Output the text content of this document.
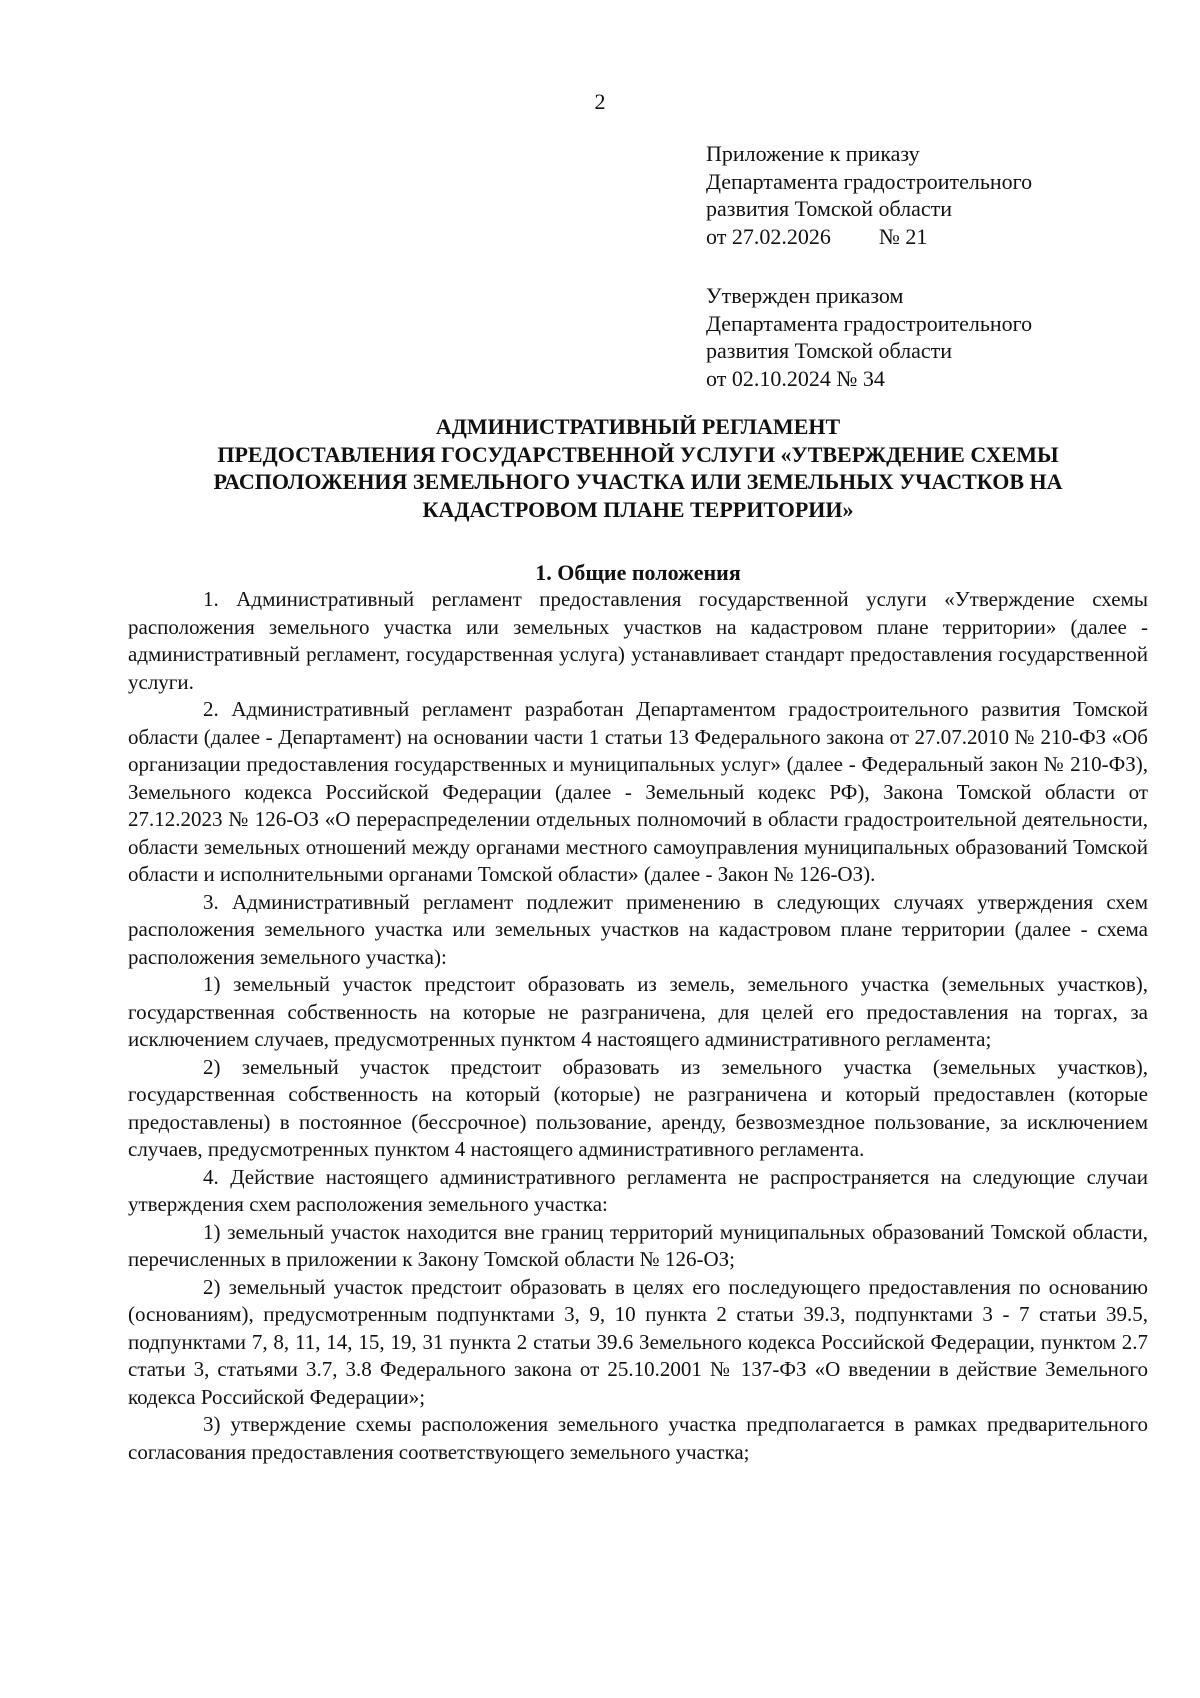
2
Приложение к приказу
Департамента градостроительного
развития Томской области
от 27.02.2026 № 21
Утвержден приказом
Департамента градостроительного
развития Томской области
от 02.10.2024 № 34
АДМИНИСТРАТИВНЫЙ РЕГЛАМЕНТ
ПРЕДОСТАВЛЕНИЯ ГОСУДАРСТВЕННОЙ УСЛУГИ «УТВЕРЖДЕНИЕ СХЕМЫ
РАСПОЛОЖЕНИЯ ЗЕМЕЛЬНОГО УЧАСТКА ИЛИ ЗЕМЕЛЬНЫХ УЧАСТКОВ НА
КАДАСТРОВОМ ПЛАНЕ ТЕРРИТОРИИ»
1. Общие положения

1. Административный регламент предоставления государственной услуги «Утверждение схемы расположения земельного участка или земельных участков на кадастровом плане территории» (далее - административный регламент, государственная услуга) устанавливает стандарт предоставления государственной услуги.

2. Административный регламент разработан Департаментом градостроительного развития Томской области (далее - Департамент) на основании части 1 статьи 13 Федерального закона от 27.07.2010 № 210-ФЗ «Об организации предоставления государственных и муниципальных услуг» (далее - Федеральный закон № 210-ФЗ), Земельного кодекса Российской Федерации (далее - Земельный кодекс РФ), Закона Томской области от 27.12.2023 № 126-ОЗ «О перераспределении отдельных полномочий в области градостроительной деятельности, области земельных отношений между органами местного самоуправления муниципальных образований Томской области и исполнительными органами Томской области» (далее - Закон № 126-ОЗ).

3. Административный регламент подлежит применению в следующих случаях утверждения схем расположения земельного участка или земельных участков на кадастровом плане территории (далее - схема расположения земельного участка):

1) земельный участок предстоит образовать из земель, земельного участка (земельных участков), государственная собственность на которые не разграничена, для целей его предоставления на торгах, за исключением случаев, предусмотренных пунктом 4 настоящего административного регламента;

2) земельный участок предстоит образовать из земельного участка (земельных участков), государственная собственность на который (которые) не разграничена и который предоставлен (которые предоставлены) в постоянное (бессрочное) пользование, аренду, безвозмездное пользование, за исключением случаев, предусмотренных пунктом 4 настоящего административного регламента.

4. Действие настоящего административного регламента не распространяется на следующие случаи утверждения схем расположения земельного участка:

1) земельный участок находится вне границ территорий муниципальных образований Томской области, перечисленных в приложении к Закону Томской области № 126-ОЗ;

2) земельный участок предстоит образовать в целях его последующего предоставления по основанию (основаниям), предусмотренным подпунктами 3, 9, 10 пункта 2 статьи 39.3, подпунктами 3 - 7 статьи 39.5, подпунктами 7, 8, 11, 14, 15, 19, 31 пункта 2 статьи 39.6 Земельного кодекса Российской Федерации, пунктом 2.7 статьи 3, статьями 3.7, 3.8 Федерального закона от 25.10.2001 № 137-ФЗ «О введении в действие Земельного кодекса Российской Федерации»;

3) утверждение схемы расположения земельного участка предполагается в рамках предварительного согласования предоставления соответствующего земельного участка;
